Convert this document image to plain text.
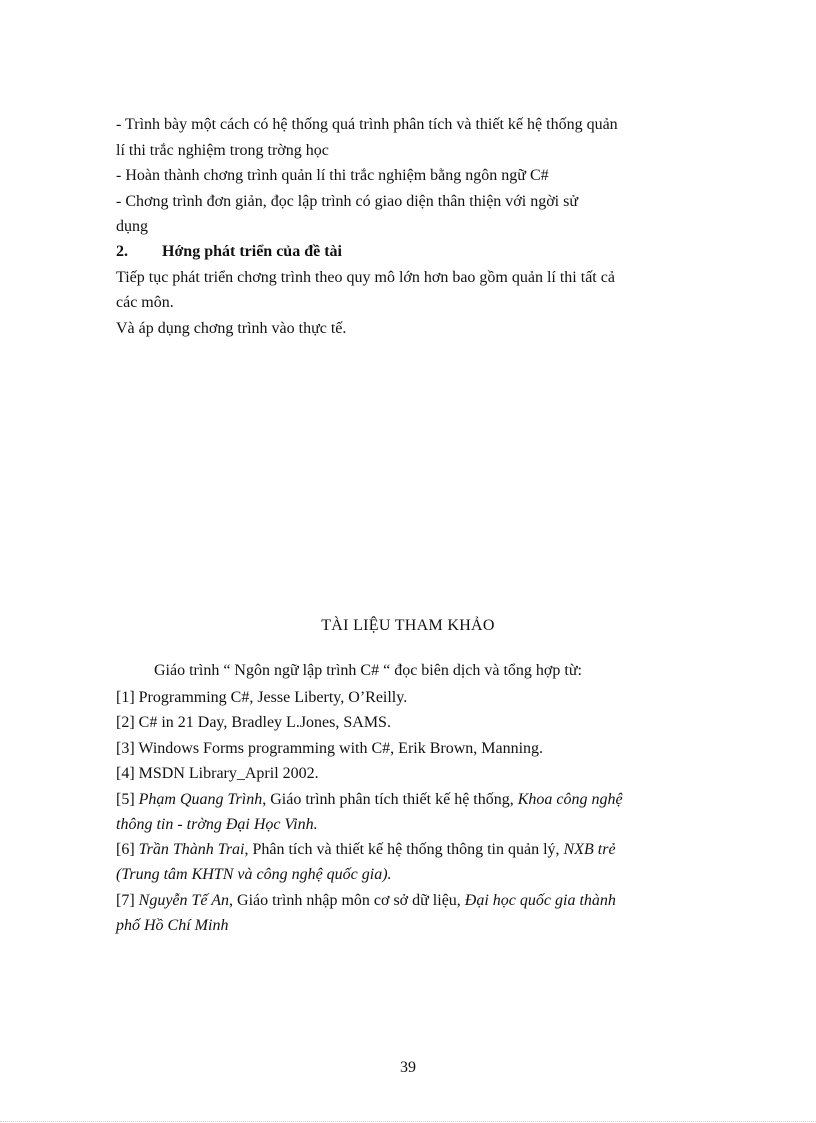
- Trình bày một cách có hệ thống quá trình phân tích và thiết kế hệ thống quản
lí thi trắc nghiệm trong trờng học
- Hoàn thành chơng trình quản lí thi trắc nghiệm bằng ngôn ngữ C#
- Chơng trình đơn giản, đọc lập trình có giao diện thân thiện với ngời sử
dụng
2. Hớng phát triển của đề tài
Tiếp tục phát triển chơng trình theo quy mô lớn hơn bao gồm quản lí thi tất cả
các môn.
Và áp dụng chơng trình vào thực tế.
TÀI LIỆU THAM KHẢO
Giáo trình “ Ngôn ngữ lập trình C# “ đọc biên dịch và tổng hợp từ:
[1] Programming C#, Jesse Liberty, O’Reilly.
[2] C# in 21 Day, Bradley L.Jones, SAMS.
[3] Windows Forms programming with C#, Erik Brown, Manning.
[4] MSDN Library_April 2002.
[5] Phạm Quang Trình, Giáo trình phân tích thiết kế hệ thống, Khoa công nghệ
thông tin - trờng Đại Học Vinh.
[6] Trần Thành Trai, Phân tích và thiết kế hệ thống thông tin quản lý, NXB trẻ
(Trung tâm KHTN và công nghệ quốc gia).
[7] Nguyễn Tế An, Giáo trình nhập môn cơ sở dữ liệu, Đại học quốc gia thành
phố Hồ Chí Minh
39
